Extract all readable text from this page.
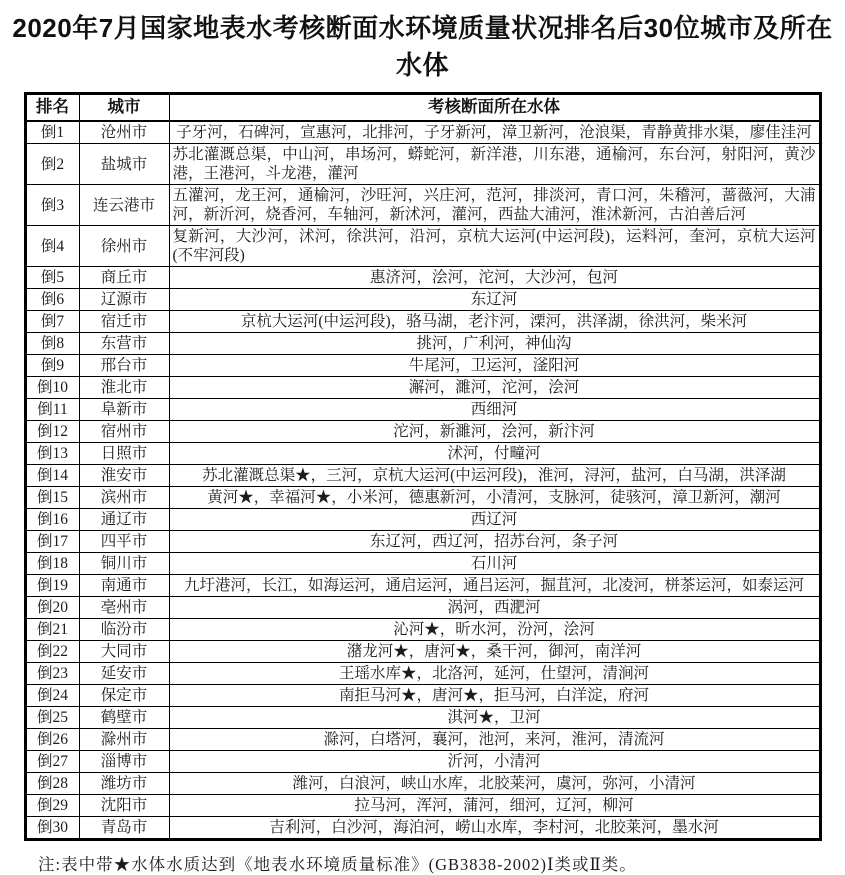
2020年7月国家地表水考核断面水环境质量状况排名后30位城市及所在水体
排名	城市	考核断面所在水体
倒1	沧州市	子牙河，石碑河，宣惠河，北排河，子牙新河，漳卫新河，沧浪渠，青静黄排水渠，廖佳洼河
倒2	盐城市	苏北灌溉总渠，中山河，串场河，蟒蛇河，新洋港，川东港，通榆河，东台河，射阳河，黄沙港，王港河，斗龙港，灌河
倒3	连云港市	五灌河，龙王河，通榆河，沙旺河，兴庄河，范河，排淡河，青口河，朱稽河，蔷薇河，大浦河，新沂河，烧香河，车轴河，新沭河，灌河，西盐大浦河，淮沭新河，古泊善后河
倒4	徐州市	复新河，大沙河，沭河，徐洪河，沿河，京杭大运河(中运河段)，运料河，奎河，京杭大运河(不牢河段)
倒5	商丘市	惠济河，浍河，沱河，大沙河，包河
倒6	辽源市	东辽河
倒7	宿迁市	京杭大运河(中运河段)，骆马湖，老汴河，溧河，洪泽湖，徐洪河，柴米河
倒8	东营市	挑河，广利河，神仙沟
倒9	邢台市	牛尾河，卫运河，滏阳河
倒10	淮北市	澥河，濉河，沱河，浍河
倒11	阜新市	西细河
倒12	宿州市	沱河，新濉河，浍河，新汴河
倒13	日照市	沭河，付疃河
倒14	淮安市	苏北灌溉总渠★，三河，京杭大运河(中运河段)，淮河，浔河，盐河，白马湖，洪泽湖
倒15	滨州市	黄河★，幸福河★，小米河，德惠新河，小清河，支脉河，徒骇河，漳卫新河，潮河
倒16	通辽市	西辽河
倒17	四平市	东辽河，西辽河，招苏台河，条子河
倒18	铜川市	石川河
倒19	南通市	九圩港河，长江，如海运河，通启运河，通吕运河，掘苴河，北凌河，栟茶运河，如泰运河
倒20	亳州市	涡河，西淝河
倒21	临汾市	沁河★，昕水河，汾河，浍河
倒22	大同市	潴龙河★，唐河★，桑干河，御河，南洋河
倒23	延安市	王瑶水库★，北洛河，延河，仕望河，清涧河
倒24	保定市	南拒马河★，唐河★，拒马河，白洋淀，府河
倒25	鹤壁市	淇河★，卫河
倒26	滁州市	滁河，白塔河，襄河，池河，来河，淮河，清流河
倒27	淄博市	沂河，小清河
倒28	潍坊市	潍河，白浪河，峡山水库，北胶莱河，虞河，弥河，小清河
倒29	沈阳市	拉马河，浑河，蒲河，细河，辽河，柳河
倒30	青岛市	吉利河，白沙河，海泊河，崂山水库，李村河，北胶莱河，墨水河
注:表中带★水体水质达到《地表水环境质量标准》(GB3838-2002)Ⅰ类或Ⅱ类。
